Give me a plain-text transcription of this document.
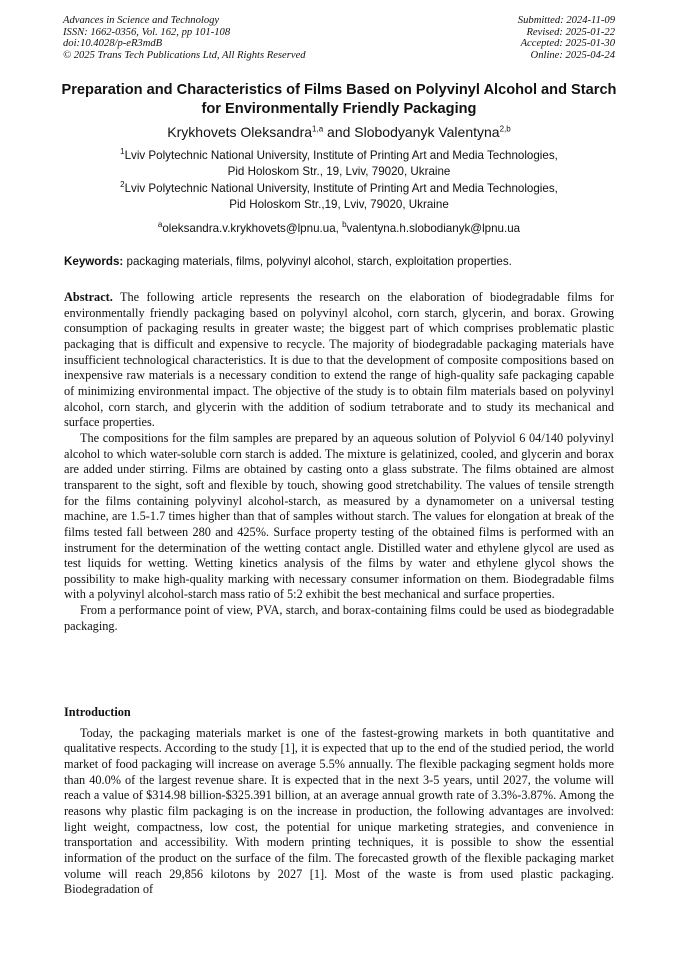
Advances in Science and Technology
ISSN: 1662-0356, Vol. 162, pp 101-108
doi:10.4028/p-eR3mdB
© 2025 Trans Tech Publications Ltd, All Rights Reserved
Submitted: 2024-11-09
Revised: 2025-01-22
Accepted: 2025-01-30
Online: 2025-04-24
Preparation and Characteristics of Films Based on Polyvinyl Alcohol and Starch for Environmentally Friendly Packaging
Krykhovets Oleksandra$^{1,a}$ and Slobodyanyk Valentyna$^{2,b}$
$^1$Lviv Polytechnic National University, Institute of Printing Art and Media Technologies,
Pid Holoskom Str., 19, Lviv, 79020, Ukraine
$^2$Lviv Polytechnic National University, Institute of Printing Art and Media Technologies,
Pid Holoskom Str.,19, Lviv, 79020, Ukraine
$^a$oleksandra.v.krykhovets@lpnu.ua, $^b$valentyna.h.slobodianyk@lpnu.ua
Keywords: packaging materials, films, polyvinyl alcohol, starch, exploitation properties.

Abstract. The following article represents the research on the elaboration of biodegradable films for environmentally friendly packaging based on polyvinyl alcohol, corn starch, glycerin, and borax. Growing consumption of packaging results in greater waste; the biggest part of which comprises problematic plastic packaging that is difficult and expensive to recycle. The majority of biodegradable packaging materials have insufficient technological characteristics. It is due to that the development of composite compositions based on inexpensive raw materials is a necessary condition to extend the range of high-quality safe packaging capable of minimizing environmental impact. The objective of the study is to obtain film materials based on polyvinyl alcohol, corn starch, and glycerin with the addition of sodium tetraborate and to study its mechanical and surface properties.

The compositions for the film samples are prepared by an aqueous solution of Polyviol 6 04/140 polyvinyl alcohol to which water-soluble corn starch is added. The mixture is gelatinized, cooled, and glycerin and borax are added under stirring. Films are obtained by casting onto a glass substrate. The films obtained are almost transparent to the sight, soft and flexible by touch, showing good stretchability. The values of tensile strength for the films containing polyvinyl alcohol-starch, as measured by a dynamometer on a universal testing machine, are 1.5-1.7 times higher than that of samples without starch. The values for elongation at break of the films tested fall between 280 and 425%. Surface property testing of the obtained films is performed with an instrument for the determination of the wetting contact angle. Distilled water and ethylene glycol are used as test liquids for wetting. Wetting kinetics analysis of the films by water and ethylene glycol shows the possibility to make high-quality marking with necessary consumer information on them. Biodegradable films with a polyvinyl alcohol-starch mass ratio of 5:2 exhibit the best mechanical and surface properties.

From a performance point of view, PVA, starch, and borax-containing films could be used as biodegradable packaging.

Introduction

Today, the packaging materials market is one of the fastest-growing markets in both quantitative and qualitative respects. According to the study [1], it is expected that up to the end of the studied period, the world market of food packaging will increase on average 5.5% annually. The flexible packaging segment holds more than 40.0% of the largest revenue share. It is expected that in the next 3-5 years, until 2027, the volume will reach a value of $314.98 billion-$325.391 billion, at an average annual growth rate of 3.3%-3.87%. Among the reasons why plastic film packaging is on the increase in production, the following advantages are involved: light weight, compactness, low cost, the potential for unique marketing strategies, and convenience in transportation and accessibility. With modern printing techniques, it is possible to show the essential information of the product on the surface of the film. The forecasted growth of the flexible packaging market volume will reach 29,856 kilotons by 2027 [1]. Most of the waste is from used plastic packaging. Biodegradation of
